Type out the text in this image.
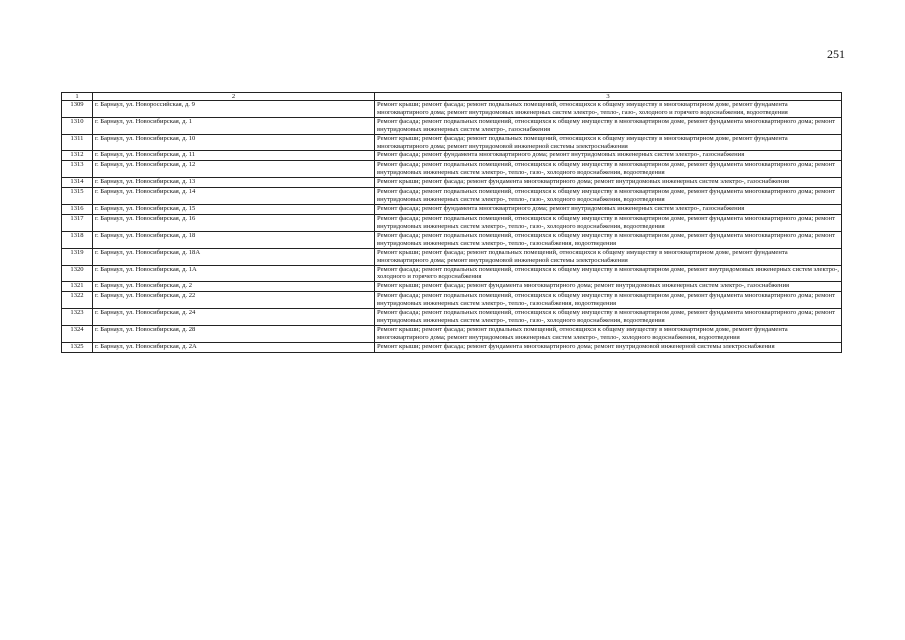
251
1	2	3
1309	г. Барнаул, ул. Новороссийская, д. 9	Ремонт крыши; ремонт фасада; ремонт подвальных помещений, относящихся к общему имуществу в многоквартирном доме, ремонт фундамента многоквартирного дома; ремонт внутридомовых инженерных систем электро-, тепло-, газо-, холодного и горячего водоснабжения, водоотведения
1310	г. Барнаул, ул. Новосибирская, д. 1	Ремонт фасада; ремонт подвальных помещений, относящихся к общему имуществу в многоквартирном доме, ремонт фундамента многоквартирного дома; ремонт внутридомовых инженерных систем электро-, газоснабжения
1311	г. Барнаул, ул. Новосибирская, д. 10	Ремонт крыши; ремонт фасада; ремонт подвальных помещений, относящихся к общему имуществу в многоквартирном доме, ремонт фундамента многоквартирного дома; ремонт внутридомовой инженерной системы электроснабжения
1312	г. Барнаул, ул. Новосибирская, д. 11	Ремонт фасада; ремонт фундамента многоквартирного дома; ремонт внутридомовых инженерных систем электро-, газоснабжения
1313	г. Барнаул, ул. Новосибирская, д. 12	Ремонт фасада; ремонт подвальных помещений, относящихся к общему имуществу в многоквартирном доме, ремонт фундамента многоквартирного дома; ремонт внутридомовых инженерных систем электро-, тепло-, газо-, холодного водоснабжения, водоотведения
1314	г. Барнаул, ул. Новосибирская, д. 13	Ремонт крыши; ремонт фасада; ремонт фундамента многоквартирного дома; ремонт внутридомовых инженерных систем электро-, газоснабжения
1315	г. Барнаул, ул. Новосибирская, д. 14	Ремонт фасада; ремонт подвальных помещений, относящихся к общему имуществу в многоквартирном доме, ремонт фундамента многоквартирного дома; ремонт внутридомовых инженерных систем электро-, тепло-, газо-, холодного водоснабжения, водоотведения
1316	г. Барнаул, ул. Новосибирская, д. 15	Ремонт фасада; ремонт фундамента многоквартирного дома; ремонт внутридомовых инженерных систем электро-, газоснабжения
1317	г. Барнаул, ул. Новосибирская, д. 16	Ремонт фасада; ремонт подвальных помещений, относящихся к общему имуществу в многоквартирном доме, ремонт фундамента многоквартирного дома; ремонт внутридомовых инженерных систем электро-, тепло-, газо-, холодного водоснабжения, водоотведения
1318	г. Барнаул, ул. Новосибирская, д. 18	Ремонт фасада; ремонт подвальных помещений, относящихся к общему имуществу в многоквартирном доме, ремонт фундамента многоквартирного дома; ремонт внутридомовых инженерных систем электро-, тепло-, газоснабжения, водоотведения
1319	г. Барнаул, ул. Новосибирская, д. 18А	Ремонт крыши; ремонт фасада; ремонт подвальных помещений, относящихся к общему имуществу в многоквартирном доме, ремонт фундамента многоквартирного дома; ремонт внутридомовой инженерной системы электроснабжения
1320	г. Барнаул, ул. Новосибирская, д. 1А	Ремонт фасада; ремонт подвальных помещений, относящихся к общему имуществу в многоквартирном доме, ремонт внутридомовых инженерных систем электро-, холодного и горячего водоснабжения
1321	г. Барнаул, ул. Новосибирская, д. 2	Ремонт крыши; ремонт фасада; ремонт фундамента многоквартирного дома; ремонт внутридомовых инженерных систем электро-, газоснабжения
1322	г. Барнаул, ул. Новосибирская, д. 22	Ремонт фасада; ремонт подвальных помещений, относящихся к общему имуществу в многоквартирном доме, ремонт фундамента многоквартирного дома; ремонт внутридомовых инженерных систем электро-, тепло-, газоснабжения, водоотведения
1323	г. Барнаул, ул. Новосибирская, д. 24	Ремонт фасада; ремонт подвальных помещений, относящихся к общему имуществу в многоквартирном доме, ремонт фундамента многоквартирного дома; ремонт внутридомовых инженерных систем электро-, тепло-, газо-, холодного водоснабжения, водоотведения
1324	г. Барнаул, ул. Новосибирская, д. 28	Ремонт крыши; ремонт фасада; ремонт подвальных помещений, относящихся к общему имуществу в многоквартирном доме, ремонт фундамента многоквартирного дома; ремонт внутридомовых инженерных систем электро-, тепло-, холодного водоснабжения, водоотведения
1325	г. Барнаул, ул. Новосибирская, д. 2А	Ремонт крыши; ремонт фасада; ремонт фундамента многоквартирного дома; ремонт внутридомовой инженерной системы электроснабжения
